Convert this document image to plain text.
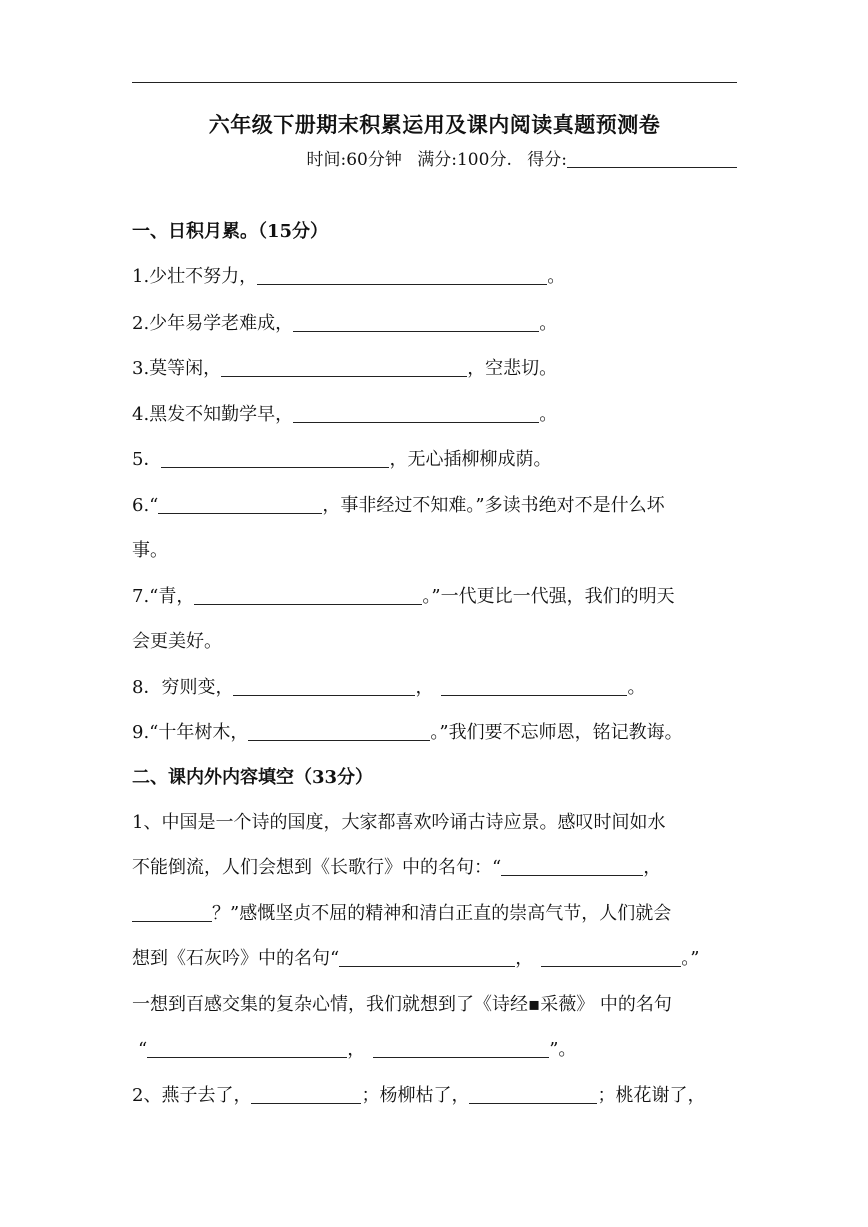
六年级下册期末积累运用及课内阅读真题预测卷
时间:60分钟 满分:100分. 得分:
一、日积月累。（15分）
1.少壮不努力，	。
2.少年易学老难成，	。
3.莫等闲，	，空悲切。
4.黑发不知勤学早，	。
5．	，无心插柳柳成荫。
6.“	，事非经过不知难。”多读书绝对不是什么坏
事。
7.“青，	。”一代更比一代强，我们的明天
会更美好。
8．穷则变，	，	。
9.“十年树木，	。”我们要不忘师恩，铭记教诲。
二、课内外内容填空（33分）
1、中国是一个诗的国度，大家都喜欢吟诵古诗应景。感叹时间如水
不能倒流，人们会想到《长歌行》中的名句：“	，
？”感慨坚贞不屈的精神和清白正直的崇高气节，人们就会
想到《石灰吟》中的名句“	，	。”
一想到百感交集的复杂心情，我们就想到了《诗经▪采薇》 中的名句
“	，	”。
2、燕子去了，	；杨柳枯了，	；桃花谢了，
